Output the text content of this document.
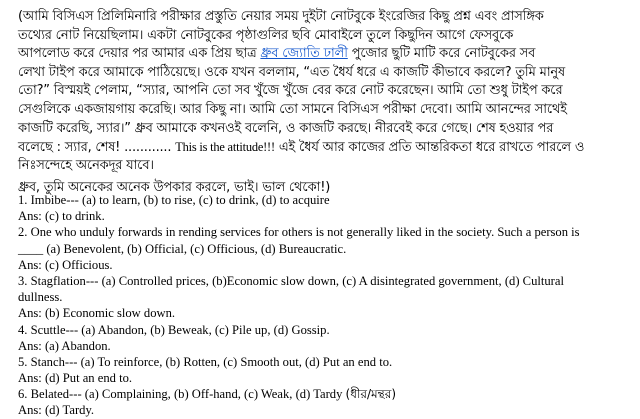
(আমি বিসিএস প্রিলিমিনারি পরীক্ষার প্রস্তুতি নেয়ার সময় দুইটা নোটবুকে ইংরেজির কিছু প্রশ্ন এবং প্রাসঙ্গিক
তথ্যের নোট নিয়েছিলাম। একটা নোটবুকের পৃষ্ঠাগুলির ছবি মোবাইলে তুলে কিছুদিন আগে ফেসবুকে
আপলোড করে দেয়ার পর আমার এক প্রিয় ছাত্র ধ্রুব জ্যোতি ঢালী পুজোর ছুটি মাটি করে নোটবুকের সব
লেখা টাইপ করে আমাকে পাঠিয়েছে। ওকে যখন বললাম, “এত ধৈর্য ধরে এ কাজটি কীভাবে করলে? তুমি মানুষ
তো?” বিস্ময়ই পেলাম, “স্যার, আপনি তো সব খুঁজে খুঁজে বের করে নোট করেছেন। আমি তো শুধু টাইপ করে
সেগুলিকে একজায়গায় করেছি। আর কিছু না। আমি তো সামনে বিসিএস পরীক্ষা দেবো। আমি আনন্দের সাথেই
কাজটি করেছি, স্যার।” ধ্রুব আমাকে কখনওই বলেনি, ও কাজটি করছে। নীরবেই করে গেছে। শেষ হওয়ার পর
বলেছে : স্যার, শেষ! ............ This is the attitude!!! এই ধৈর্য আর কাজের প্রতি আন্তরিকতা ধরে রাখতে পারলে ও
নিঃসন্দেহে অনেকদূর যাবে।
ধ্রুব, তুমি অনেকের অনেক উপকার করলে, ভাই। ভাল থেকো!)
1. Imbibe--- (a) to learn, (b) to rise, (c) to drink, (d) to acquire
Ans: (c) to drink.
2. One who unduly forwards in rending services for others is not generally liked in the society. Such a person is
____ (a) Benevolent, (b) Official, (c) Officious, (d) Bureaucratic.
Ans: (c) Officious.
3. Stagflation--- (a) Controlled prices, (b)Economic slow down, (c) A disintegrated government, (d) Cultural
dullness.
Ans: (b) Economic slow down.
4. Scuttle--- (a) Abandon, (b) Beweak, (c) Pile up, (d) Gossip.
Ans: (a) Abandon.
5. Stanch--- (a) To reinforce, (b) Rotten, (c) Smooth out, (d) Put an end to.
Ans: (d) Put an end to.
6. Belated--- (a) Complaining, (b) Off-hand, (c) Weak, (d) Tardy (ধীর/মন্থর)
Ans: (d) Tardy.
